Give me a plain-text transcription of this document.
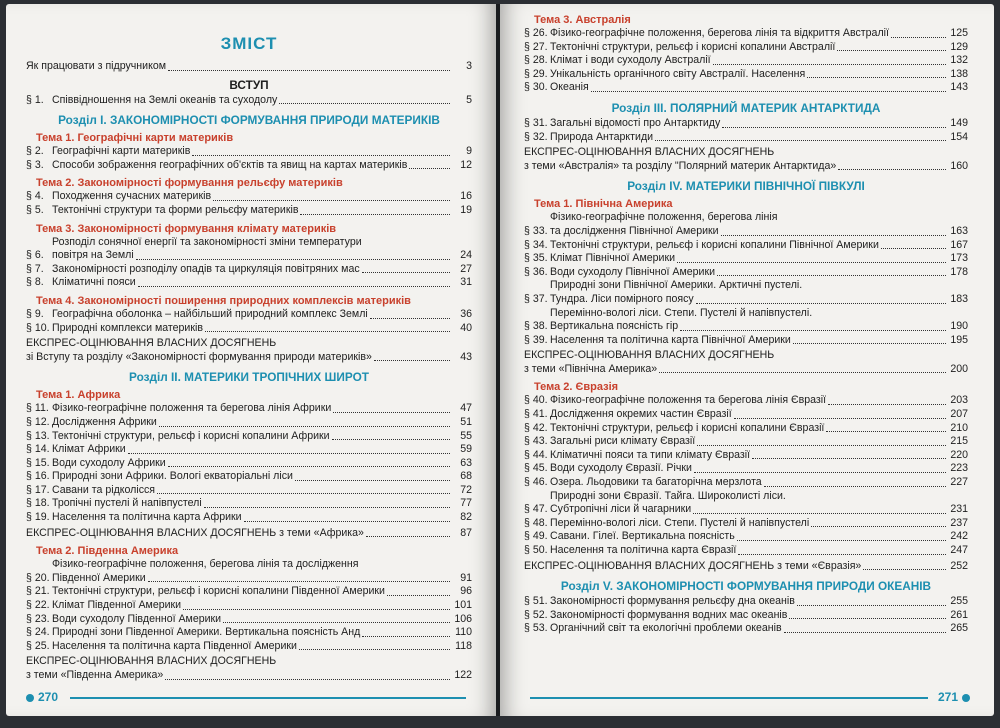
ЗМІСТ
Як працювати з підручником	3
ВСТУП
§ 1. Співвідношення на Землі океанів та суходолу	5
Розділ I. ЗАКОНОМІРНОСТІ ФОРМУВАННЯ ПРИРОДИ МАТЕРИКІВ
Тема 1. Географічні карти материків
§ 2. Географічні карти материків	9
§ 3. Способи зображення географічних об'єктів та явищ на картах материків	12
Тема 2. Закономірності формування рельєфу материків
§ 4. Походження сучасних материків	16
§ 5. Тектонічні структури та форми рельєфу материків	19
Тема 3. Закономірності формування клімату материків
§ 6.
Розподіл сонячної енергії та закономірності зміни температури
повітря на Землі	24
§ 7. Закономірності розподілу опадів та циркуляція повітряних мас	27
§ 8. Кліматичні пояси	31
Тема 4. Закономірності поширення природних комплексів материків
§ 9. Географічна оболонка – найбільший природний комплекс Землі	36
§ 10. Природні комплекси материків	40
ЕКСПРЕС-ОЦІНЮВАННЯ ВЛАСНИХ ДОСЯГНЕНЬ
зі Вступу та розділу «Закономірності формування природи материків»	43
Розділ II. МАТЕРИКИ ТРОПІЧНИХ ШИРОТ
Тема 1. Африка
§ 11. Фізико-географічне положення та берегова лінія Африки	47
§ 12. Дослідження Африки	51
§ 13. Тектонічні структури, рельєф і корисні копалини Африки	55
§ 14. Клімат Африки	59
§ 15. Води суходолу Африки	63
§ 16. Природні зони Африки. Вологі екваторіальні ліси	68
§ 17. Савани та рідколісся	72
§ 18. Тропічні пустелі й напівпустелі	77
§ 19. Населення та політична карта Африки	82
ЕКСПРЕС-ОЦІНЮВАННЯ ВЛАСНИХ ДОСЯГНЕНЬ з теми «Африка»	87
Тема 2. Південна Америка
§ 20.
Фізико-географічне положення, берегова лінія та дослідження
Південної Америки	91
§ 21. Тектонічні структури, рельєф і корисні копалини Південної Америки	96
§ 22. Клімат Південної Америки	101
§ 23. Води суходолу Південної Америки	106
§ 24. Природні зони Південної Америки. Вертикальна поясність Анд	110
§ 25. Населення та політична карта Південної Америки	118
ЕКСПРЕС-ОЦІНЮВАННЯ ВЛАСНИХ ДОСЯГНЕНЬ
з теми «Південна Америка»	122
270
Тема 3. Австралія
§ 26. Фізико-географічне положення, берегова лінія та відкриття Австралії	125
§ 27. Тектонічні структури, рельєф і корисні копалини Австралії	129
§ 28. Клімат і води суходолу Австралії	132
§ 29. Унікальність органічного світу Австралії. Населення	138
§ 30. Океанія	143
Розділ III. ПОЛЯРНИЙ МАТЕРИК АНТАРКТИДА
§ 31. Загальні відомості про Антарктиду	149
§ 32. Природа Антарктиди	154
ЕКСПРЕС-ОЦІНЮВАННЯ ВЛАСНИХ ДОСЯГНЕНЬ
з теми «Австралія» та розділу "Полярний материк Антарктида»	160
Розділ IV. МАТЕРИКИ ПІВНІЧНОЇ ПІВКУЛІ
Тема 1. Північна Америка
§ 33.
Фізико-географічне положення, берегова лінія
та дослідження Північної Америки	163
§ 34. Тектонічні структури, рельєф і корисні копалини Північної Америки	167
§ 35. Клімат Північної Америки	173
§ 36. Води суходолу Північної Америки	178
§ 37.
Природні зони Північної Америки. Арктичні пустелі.
Тундра. Ліси помірного поясу	183
§ 38.
Перемінно-вологі ліси. Степи. Пустелі й напівпустелі.
Вертикальна поясність гір	190
§ 39. Населення та політична карта Північної Америки	195
ЕКСПРЕС-ОЦІНЮВАННЯ ВЛАСНИХ ДОСЯГНЕНЬ
з теми «Північна Америка»	200
Тема 2. Євразія
§ 40. Фізико-географічне положення та берегова лінія Євразії	203
§ 41. Дослідження окремих частин Євразії	207
§ 42. Тектонічні структури, рельєф і корисні копалини Євразії	210
§ 43. Загальні риси клімату Євразії	215
§ 44. Кліматичні пояси та типи клімату Євразії	220
§ 45. Води суходолу Євразії. Річки	223
§ 46. Озера. Льодовики та багаторічна мерзлота	227
§ 47.
Природні зони Євразії. Тайга. Широколисті ліси.
Субтропічні ліси й чагарники	231
§ 48. Перемінно-вологі ліси. Степи. Пустелі й напівпустелі	237
§ 49. Савани. Гілеї. Вертикальна поясність	242
§ 50. Населення та політична карта Євразії	247
ЕКСПРЕС-ОЦІНЮВАННЯ ВЛАСНИХ ДОСЯГНЕНЬ з теми «Євразія»	252
Розділ V. ЗАКОНОМІРНОСТІ ФОРМУВАННЯ ПРИРОДИ ОКЕАНІВ
§ 51. Закономірності формування рельєфу дна океанів	255
§ 52. Закономірності формування водних мас океанів	261
§ 53. Органічний світ та екологічні проблеми океанів	265
271
